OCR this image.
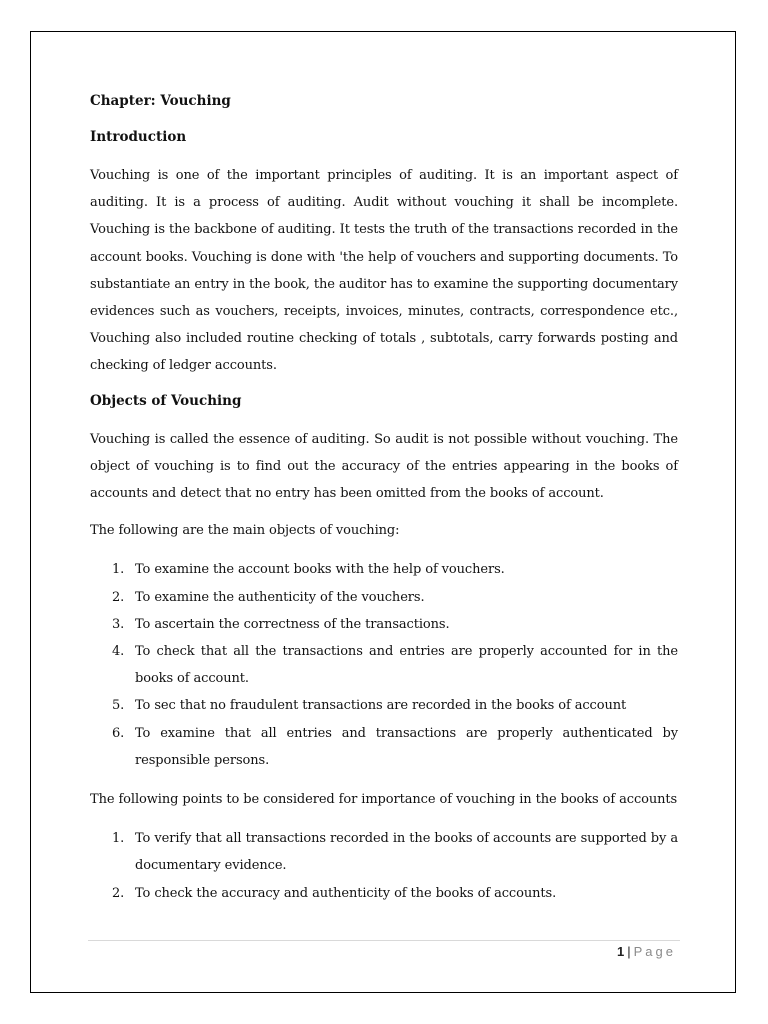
Chapter: Vouching

Introduction

Vouching is one of the important principles of auditing. It is an important aspect of auditing. It is a process of auditing. Audit without vouching it shall be incomplete. Vouching is the backbone of auditing. It tests the truth of the transactions recorded in the account books. Vouching is done with 'the help of vouchers and supporting documents. To substantiate an entry in the book, the auditor has to examine the supporting documentary evidences such as vouchers, receipts, invoices, minutes, contracts, correspondence etc., Vouching also included routine checking of totals , subtotals, carry forwards posting and checking of ledger accounts.

Objects of Vouching

Vouching is called the essence of auditing. So audit is not possible without vouching. The object of vouching is to find out the accuracy of the entries appearing in the books of accounts and detect that no entry has been omitted from the books of account.

The following are the main objects of vouching:

1. To examine the account books with the help of vouchers.
2. To examine the authenticity of the vouchers.
3. To ascertain the correctness of the transactions.
4. To check that all the transactions and entries are properly accounted for in the books of account.
5. To sec that no fraudulent transactions are recorded in the books of account
6. To examine that all entries and transactions are properly authenticated by responsible persons.

The following points to be considered for importance of vouching in the books of accounts

1. To verify that all transactions recorded in the books of accounts are supported by a documentary evidence.
2. To check the accuracy and authenticity of the books of accounts.
1 | Page
